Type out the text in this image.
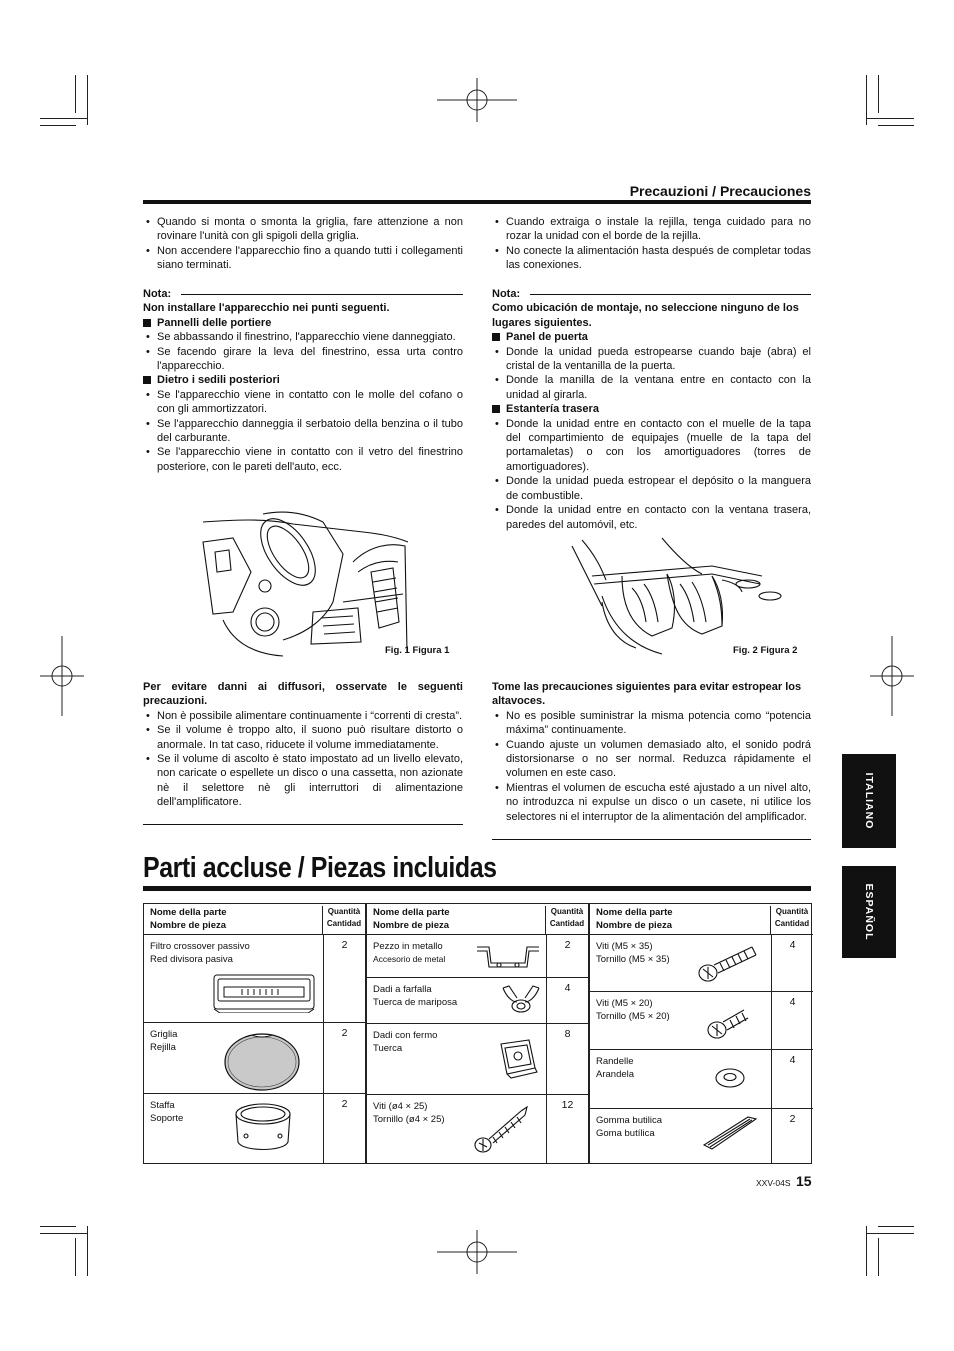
Precauzioni / Precauciones
• Quando si monta o smonta la griglia, fare attenzione a non rovinare l'unità con gli spigoli della griglia.
• Non accendere l'apparecchio fino a quando tutti i collegamenti siano terminati.
Nota:
Non installare l'apparecchio nei punti seguenti.
Pannelli delle portiere
• Se abbassando il finestrino, l'apparecchio viene danneggiato.
• Se facendo girare la leva del finestrino, essa urta contro l'apparecchio.
Dietro i sedili posteriori
• Se l'apparecchio viene in contatto con le molle del cofano o con gli ammortizzatori.
• Se l'apparecchio danneggia il serbatoio della benzina o il tubo del carburante.
• Se l'apparecchio viene in contatto con il vetro del finestrino posteriore, con le pareti dell'auto, ecc.
Fig. 1 Figura 1
Per evitare danni ai diffusori, osservate le seguenti precauzioni.
• Non è possibile alimentare continuamente i “correnti di cresta”.
• Se il volume è troppo alto, il suono può risultare distorto o anormale. In tat caso, riducete il volume immediatamente.
• Se il volume di ascolto è stato impostato ad un livello elevato, non caricate o espellete un disco o una cassetta, non azionate nè il selettore nè gli interruttori di alimentazione dell'amplificatore.
• Cuando extraiga o instale la rejilla, tenga cuidado para no rozar la unidad con el borde de la rejilla.
• No conecte la alimentación hasta después de completar todas las conexiones.
Nota:
Como ubicación de montaje, no seleccione ninguno de los lugares siguientes.
Panel de puerta
• Donde la unidad pueda estropearse cuando baje (abra) el cristal de la ventanilla de la puerta.
• Donde la manilla de la ventana entre en contacto con la unidad al girarla.
Estantería trasera
• Donde la unidad entre en contacto con el muelle de la tapa del compartimiento de equipajes (muelle de la tapa del portamaletas) o con los amortiguadores (torres de amortiguadores).
• Donde la unidad pueda estropear el depósito o la manguera de combustible.
• Donde la unidad entre en contacto con la ventana trasera, paredes del automóvil, etc.
Fig. 2 Figura 2
Tome las precauciones siguientes para evitar estropear los altavoces.
• No es posible suministrar la misma potencia como “potencia máxima” continuamente.
• Cuando ajuste un volumen demasiado alto, el sonido podrá distorsionarse o no ser normal. Reduzca rápidamente el volumen en este caso.
• Mientras el volumen de escucha esté ajustado a un nivel alto, no introduzca ni expulse un disco o un casete, ni utilice los selectores ni el interruptor de la alimentación del amplificador.	ITALIANO
ESPAÑOL
Parti accluse / Piezas incluidas
Nome della parte
Nombre de pieza
Quantità
Cantidad
Filtro crossover passivo
Red divisora pasiva
2
Griglia
Rejilla
2
Staffa
Soporte
2
Nome della parte
Nombre de pieza
Quantità
Cantidad
Pezzo in metallo
Accesorio de metal
2
Dadi a farfalla
Tuerca de mariposa
4
Dadi con fermo
Tuerca
8
Viti (ø4 × 25)
Tornillo (ø4 × 25)
12
Nome della parte
Nombre de pieza
Quantità
Cantidad
Viti (M5 × 35)
Tornillo (M5 × 35)
4
Viti (M5 × 20)
Tornillo (M5 × 20)
4
Randelle
Arandela
4
Gomma butilica
Goma butílica
2
XXV-04S 15
